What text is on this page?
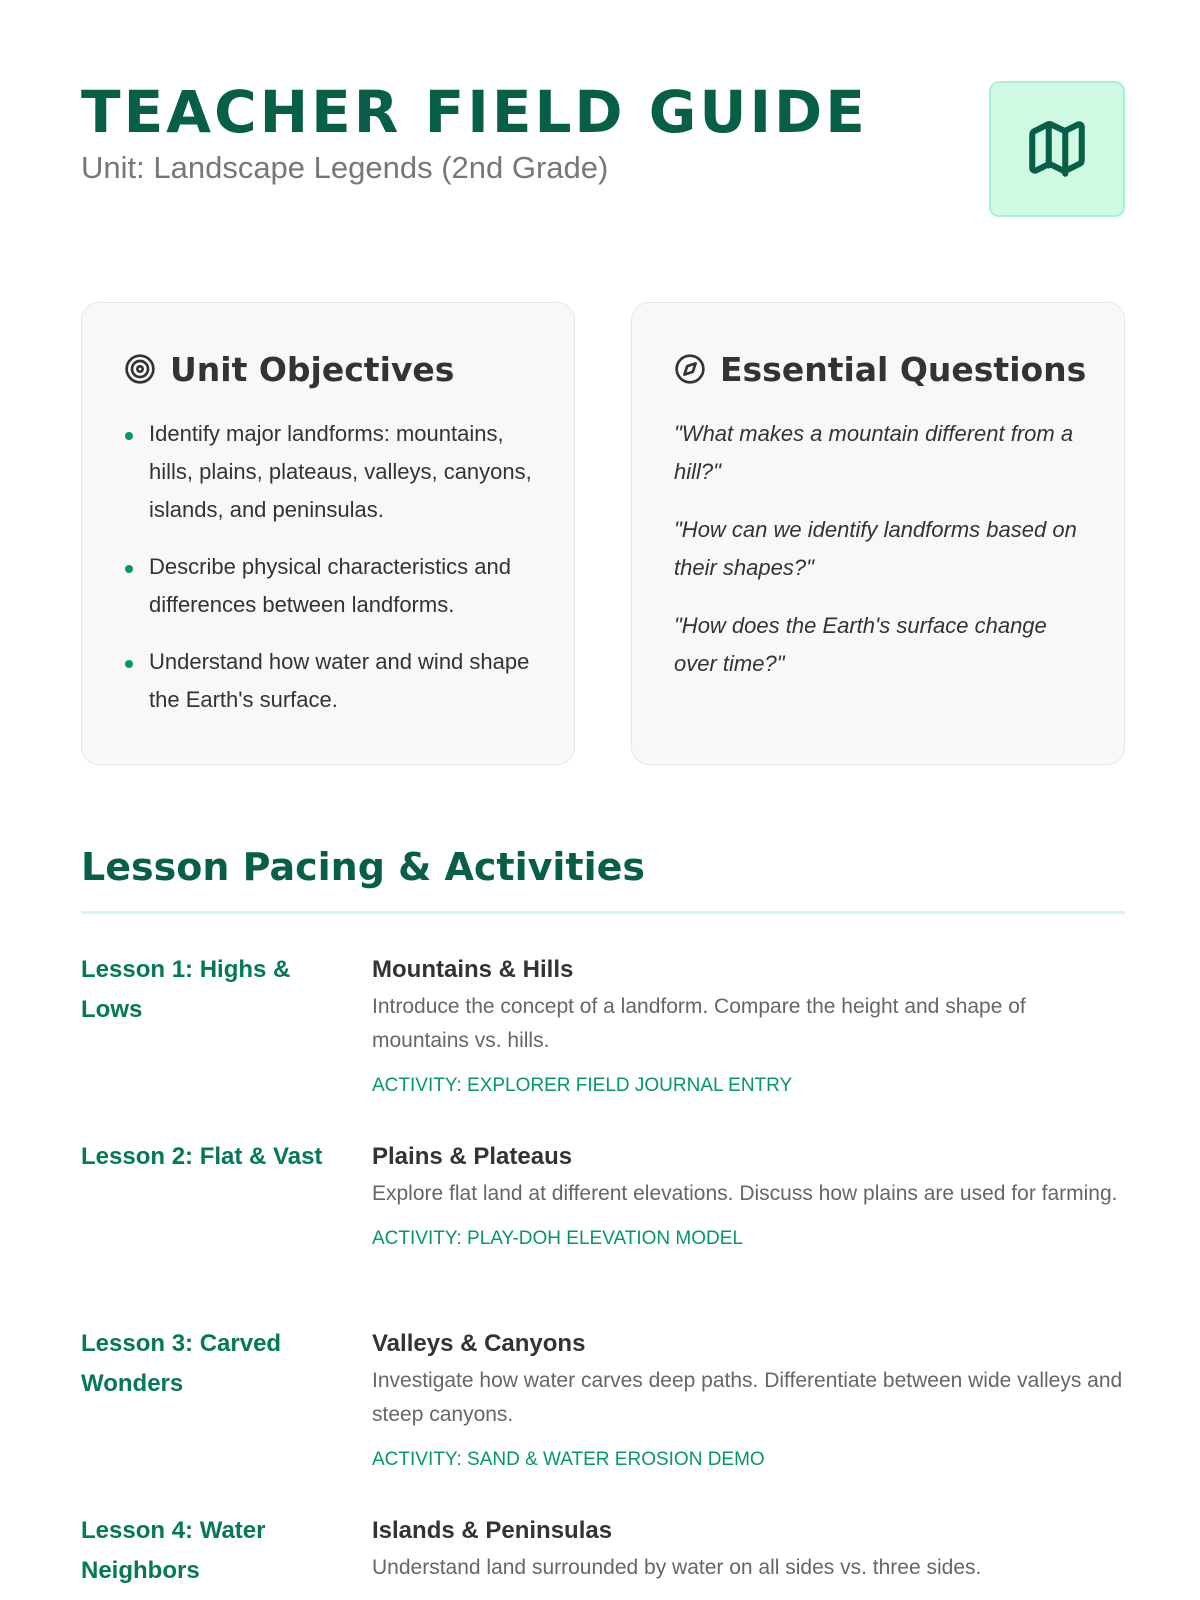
TEACHER FIELD GUIDE
Unit: Landscape Legends (2nd Grade)
Unit Objectives
Identify major landforms: mountains, hills, plains, plateaus, valleys, canyons, islands, and peninsulas.
Describe physical characteristics and differences between landforms.
Understand how water and wind shape the Earth's surface.
Essential Questions

"What makes a mountain different from a hill?"

"How can we identify landforms based on their shapes?"

"How does the Earth's surface change over time?"

Lesson Pacing & Activities
Lesson 1: Highs & Lows
Mountains & Hills
Introduce the concept of a landform. Compare the height and shape of mountains vs. hills.
ACTIVITY: EXPLORER FIELD JOURNAL ENTRY
Lesson 2: Flat & Vast	Plains & Plateaus
Explore flat land at different elevations. Discuss how plains are used for farming.
ACTIVITY: PLAY-DOH ELEVATION MODEL
Lesson 3: Carved Wonders
Valleys & Canyons
Investigate how water carves deep paths. Differentiate between wide valleys and steep canyons.
ACTIVITY: SAND & WATER EROSION DEMO
Lesson 4: Water Neighbors
Islands & Peninsulas
Understand land surrounded by water on all sides vs. three sides.
